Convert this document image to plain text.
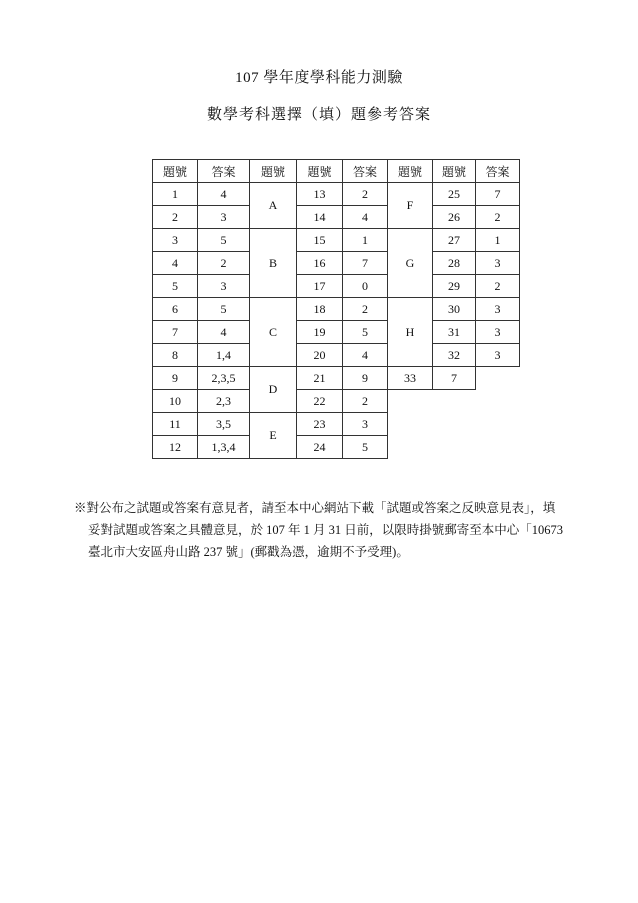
107 學年度學科能力測驗
數學考科選擇（填）題參考答案
題號	答案	題號	題號	答案	題號	題號	答案
1	4	A	13	2	F	25	7
2	3		14	4		26	2
3	5	B	15	1	G	27	1
4	2		16	7		28	3
5	3		17	0		29	2
6	5	C	18	2	H	30	3
7	4		19	5		31	3
8	1,4		20	4		32	3
9	2,3,5	D	21	9	33	7	
10	2,3		22	2			
11	3,5	E	23	3			
12	1,3,4		24	5			
※對公布之試題或答案有意見者，請至本中心網站下載「試題或答案之反映意見表」，填
妥對試題或答案之具體意見，於 107 年 1 月 31 日前，以限時掛號郵寄至本中心「10673
臺北市大安區舟山路 237 號」(郵戳為憑，逾期不予受理)。
